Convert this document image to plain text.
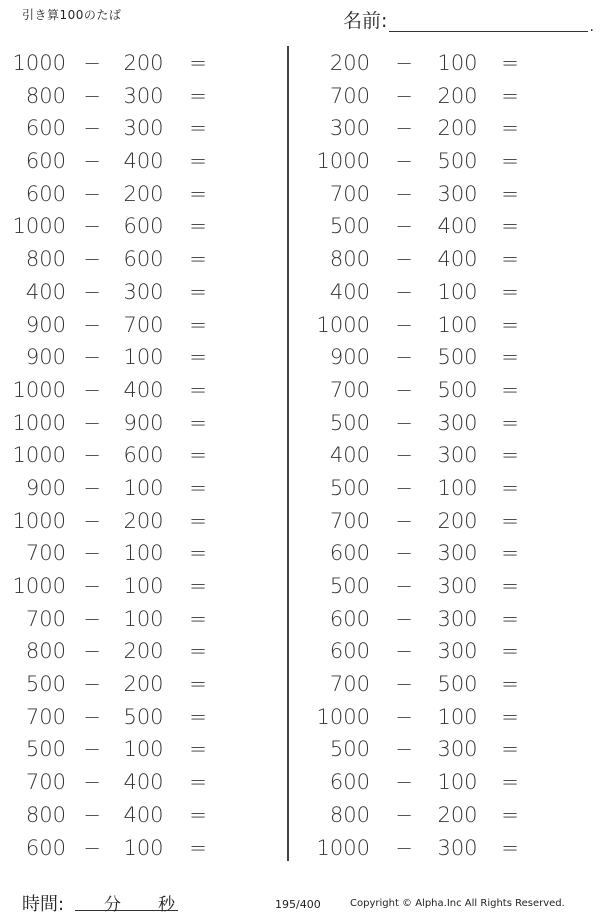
引き算100のたば	名前:	.
1000 −	200	=
800 −	300	=
600 −	300	=
600 −	400	=
600 −	200	=
1000 −	600	=
800 −	600	=
400 −	300	=
900 −	700	=
900 −	100	=
1000 −	400	=
1000 −	900	=
1000 −	600	=
900 −	100	=
1000 −	200	=
700 −	100	=
1000 −	100	=
700 −	100	=
800 −	200	=
500 −	200	=
700 −	500	=
500 −	100	=
700 −	400	=
800 −	400	=
600 −	100	=
200 −	100	=
700 −	200	=
300 −	200	=
1000 −	500	=
700 −	300	=
500 −	400	=
800 −	400	=
400 −	100	=
1000 −	100	=
900 −	500	=
700 −	500	=
500 −	300	=
400 −	300	=
500 −	100	=
700 −	200	=
600 −	300	=
500 −	300	=
600 −	300	=
600 −	300	=
700 −	500	=
1000 −	100	=
500 −	300	=
600 −	100	=
800 −	200	=
1000 −	300	=
時間: 分 秒	195/400	Copyright © Alpha.Inc All Rights Reserved.
